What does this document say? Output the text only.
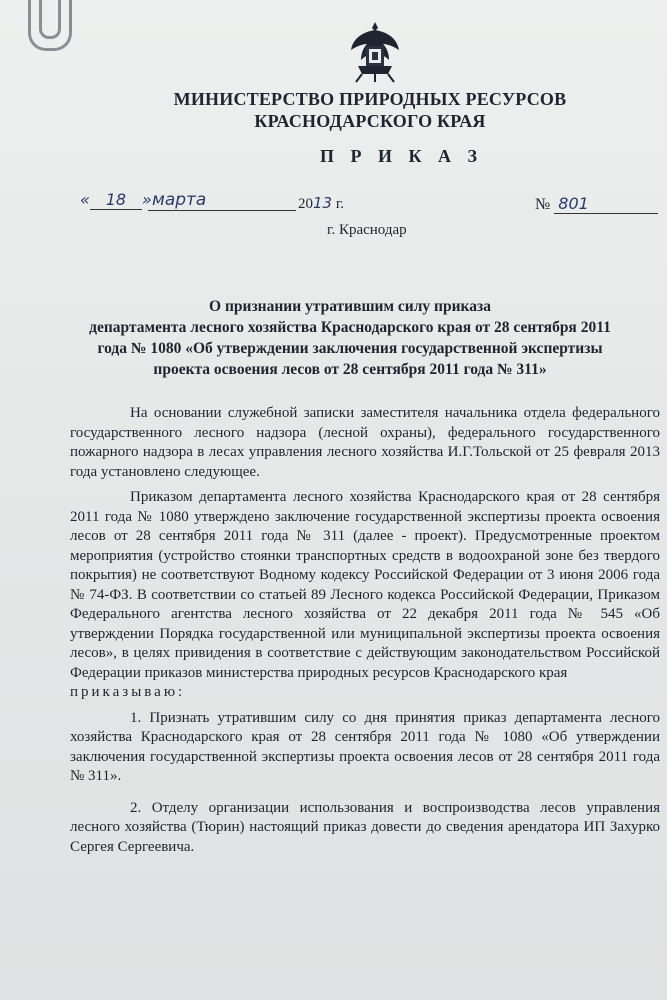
МИНИСТЕРСТВО ПРИРОДНЫХ РЕСУРСОВ
КРАСНОДАРСКОГО КРАЯ
П Р И К А З
« 18 » марта	2013 г.	№ 801
г. Краснодар
О признании утратившим силу приказа
департамента лесного хозяйства Краснодарского края от 28 сентября 2011
года № 1080 «Об утверждении заключения государственной экспертизы
проекта освоения лесов от 28 сентября 2011 года № 311»

На основании служебной записки заместителя начальника отдела федерального государственного лесного надзора (лесной охраны), федерального государственного пожарного надзора в лесах управления лесного хозяйства И.Г.Тольской от 25 февраля 2013 года установлено следующее.

Приказом департамента лесного хозяйства Краснодарского края от 28 сентября 2011 года № 1080 утверждено заключение государственной экспертизы проекта освоения лесов от 28 сентября 2011 года № 311 (далее - проект). Предусмотренные проектом мероприятия (устройство стоянки транспортных средств в водоохраной зоне без твердого покрытия) не соответствуют Водному кодексу Российской Федерации от 3 июня 2006 года № 74-ФЗ. В соответствии со статьей 89 Лесного кодекса Российской Федерации, Приказом Федерального агентства лесного хозяйства от 22 декабря 2011 года № 545 «Об утверждении Порядка государственной или муниципальной экспертизы проекта освоения лесов», в целях привидения в соответствие с действующим законодательством Российской Федерации приказов министерства природных ресурсов Краснодарского края

приказываю:

1. Признать утратившим силу со дня принятия приказ департамента лесного хозяйства Краснодарского края от 28 сентября 2011 года № 1080 «Об утверждении заключения государственной экспертизы проекта освоения лесов от 28 сентября 2011 года № 311».

2. Отделу организации использования и воспроизводства лесов управления лесного хозяйства (Тюрин) настоящий приказ довести до сведения арендатора ИП Захурко Сергея Сергеевича.
